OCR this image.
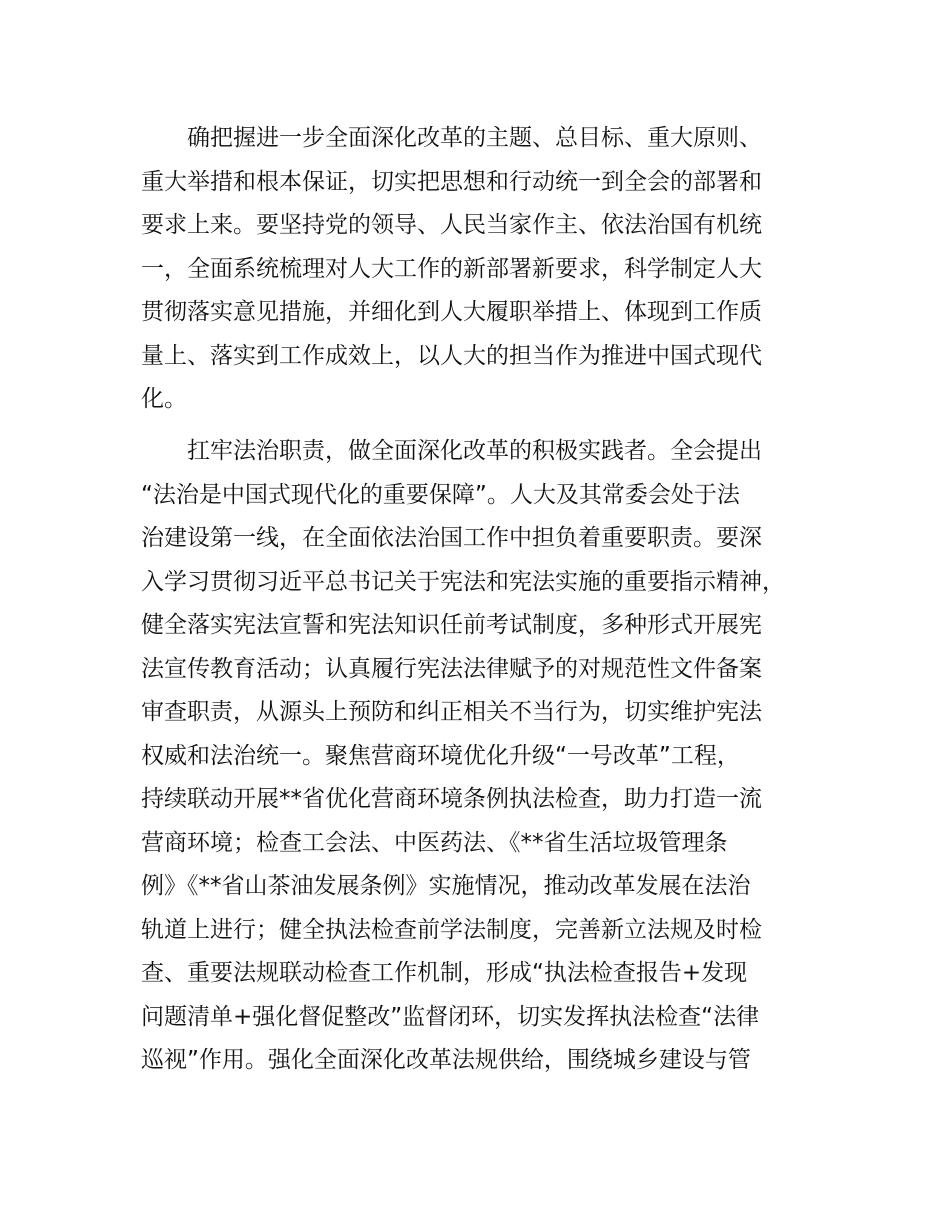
　　确把握进一步全面深化改革的主题、总目标、重大原则、

重大举措和根本保证，切实把思想和行动统一到全会的部署和

要求上来。要坚持党的领导、人民当家作主、依法治国有机统

一，全面系统梳理对人大工作的新部署新要求，科学制定人大

贯彻落实意见措施，并细化到人大履职举措上、体现到工作质

量上、落实到工作成效上，以人大的担当作为推进中国式现代

化。

　　扛牢法治职责，做全面深化改革的积极实践者。全会提出

“法治是中国式现代化的重要保障”。人大及其常委会处于法

治建设第一线，在全面依法治国工作中担负着重要职责。要深

入学习贯彻习近平总书记关于宪法和宪法实施的重要指示精神，

健全落实宪法宣誓和宪法知识任前考试制度，多种形式开展宪

法宣传教育活动；认真履行宪法法律赋予的对规范性文件备案

审查职责，从源头上预防和纠正相关不当行为，切实维护宪法

权威和法治统一。聚焦营商环境优化升级“一号改革”工程，

持续联动开展**省优化营商环境条例执法检查，助力打造一流

营商环境；检查工会法、中医药法、《**省生活垃圾管理条

例》《**省山茶油发展条例》实施情况，推动改革发展在法治

轨道上进行；健全执法检查前学法制度，完善新立法规及时检

查、重要法规联动检查工作机制，形成“执法检查报告+发现

问题清单+强化督促整改”监督闭环，切实发挥执法检查“法律

巡视”作用。强化全面深化改革法规供给，围绕城乡建设与管
